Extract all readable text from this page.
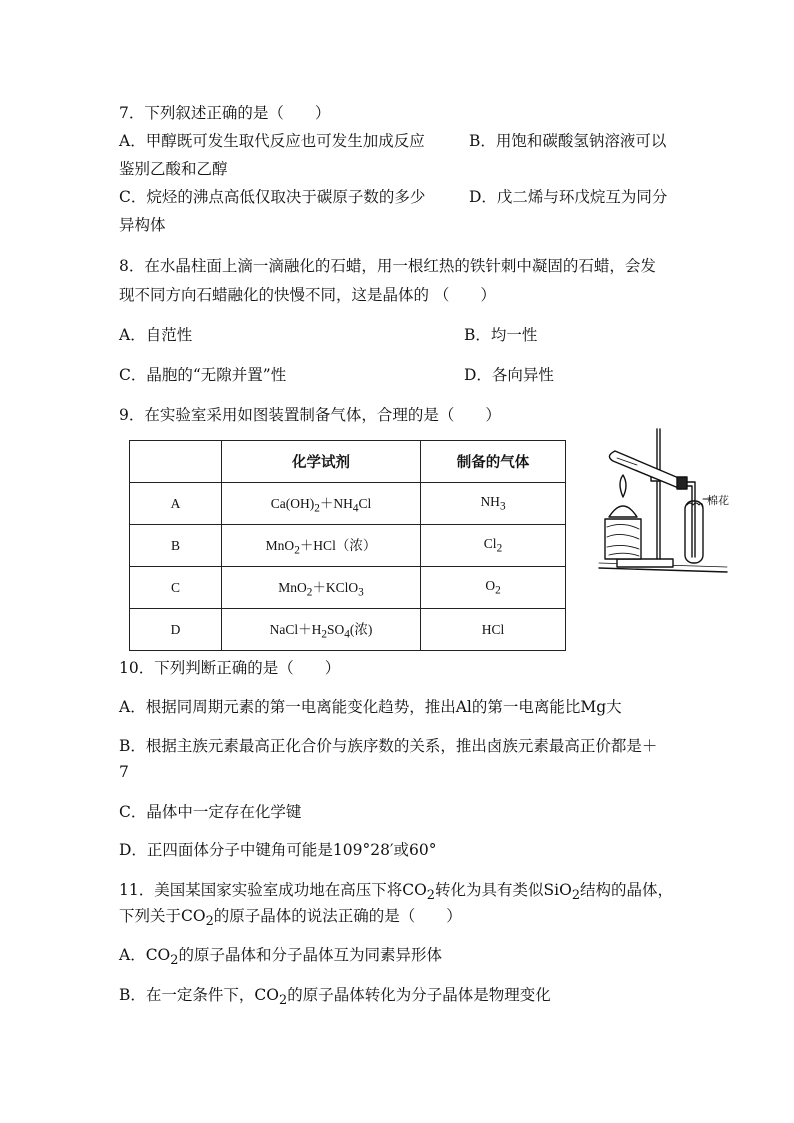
7．下列叙述正确的是（　　）
A．甲醇既可发生取代反应也可发生加成反应	B．用饱和碳酸氢钠溶液可以
鉴别乙酸和乙醇
C．烷烃的沸点高低仅取决于碳原子数的多少	D．戊二烯与环戊烷互为同分
异构体
8．在水晶柱面上滴一滴融化的石蜡，用一根红热的铁针刺中凝固的石蜡，会发
现不同方向石蜡融化的快慢不同，这是晶体的 （　　）
A．自范性	B．均一性
C．晶胞的“无隙并置”性	D．各向异性
9．在实验室采用如图装置制备气体，合理的是（　　）
	化学试剂	制备的气体
A	$Ca(OH)_2+NH_4Cl$	$NH_3$
B	MnO$_2$＋HCl（浓）	$Cl_2$
C	MnO$_2$＋KClO$_3$	$O_2$
D	$NaCl+H_2SO_4$(浓)	HCl
棉花
10．下列判断正确的是（　　）
A．根据同周期元素的第一电离能变化趋势，推出Al的第一电离能比Mg大
B．根据主族元素最高正化合价与族序数的关系，推出卤族元素最高正价都是＋
7
C．晶体中一定存在化学键
D．正四面体分子中键角可能是109°28′或60°
11．美国某国家实验室成功地在高压下将$CO_2$转化为具有类似SiO$_2$结构的晶体，
下列关于$CO_2$的原子晶体的说法正确的是（　　）
A．$CO_2$的原子晶体和分子晶体互为同素异形体
B．在一定条件下，$CO_2$的原子晶体转化为分子晶体是物理变化
